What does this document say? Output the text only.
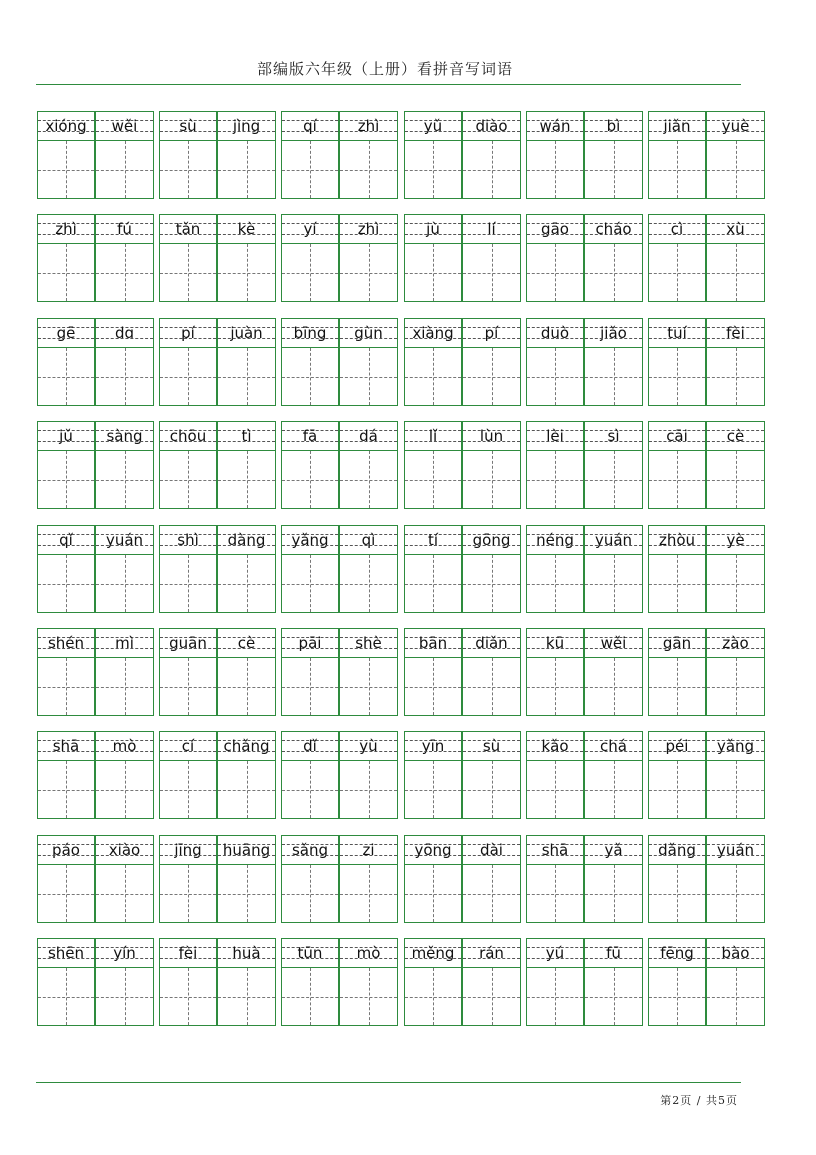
部编版六年级（上册）看拼音写词语
xióng	wěi	sù	jìng	qí	zhì	yǔ	diào	wán	bì	jiǎn	yuè
zhì	fú	tǎn	kè	yí	zhì	jù	lí	gāo	cháo	cì	xù
gē	dɑ	pí	juàn	bīng	gùn	xiàng	pí	duò	jiǎo	tuí	fèi
jǔ	sàng	chōu	tì	fā	dá	lǐ	lùn	lèi	sì	cāi	cè
qǐ	yuán	shì	dàng	yǎng	qì	tí	gōng	néng	yuán	zhòu	yè
shén	mì	guān	cè	pāi	shè	bān	diǎn	kū	wěi	gān	zào
shā	mò	cí	chǎng	dǐ	yù	yīn	sù	kǎo	chá	péi	yǎng
páo	xiào	jīng	huāng	sǎng	zi	yōng	dài	shā	yǎ	dǎng	yuán
shēn	yín	fèi	huà	tūn	mò	měng	rán	yú	fū	fēng	bào
第2页 / 共5页
